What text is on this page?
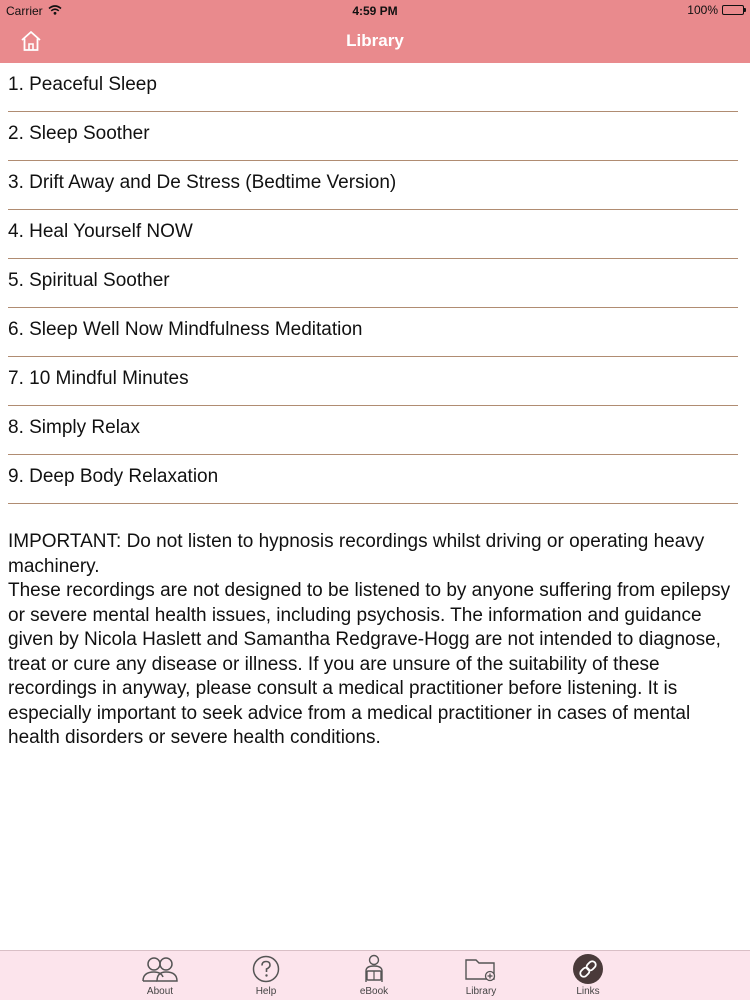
Carrier	4:59 PM	100%
Library
1. Peaceful Sleep
2. Sleep Soother
3. Drift Away and De Stress (Bedtime Version)
4. Heal Yourself NOW
5. Spiritual Soother
6. Sleep Well Now Mindfulness Meditation
7. 10 Mindful Minutes
8. Simply Relax
9. Deep Body Relaxation

IMPORTANT: Do not listen to hypnosis recordings whilst driving or operating heavy machinery.

These recordings are not designed to be listened to by anyone suffering from epilepsy or severe mental health issues, including psychosis. The information and guidance given by Nicola Haslett and Samantha Redgrave-Hogg are not intended to diagnose, treat or cure any disease or illness. If you are unsure of the suitability of these recordings in anyway, please consult a medical practitioner before listening. It is especially important to seek advice from a medical practitioner in cases of mental health disorders or severe health conditions.

About	Help	eBook	Library	Links
